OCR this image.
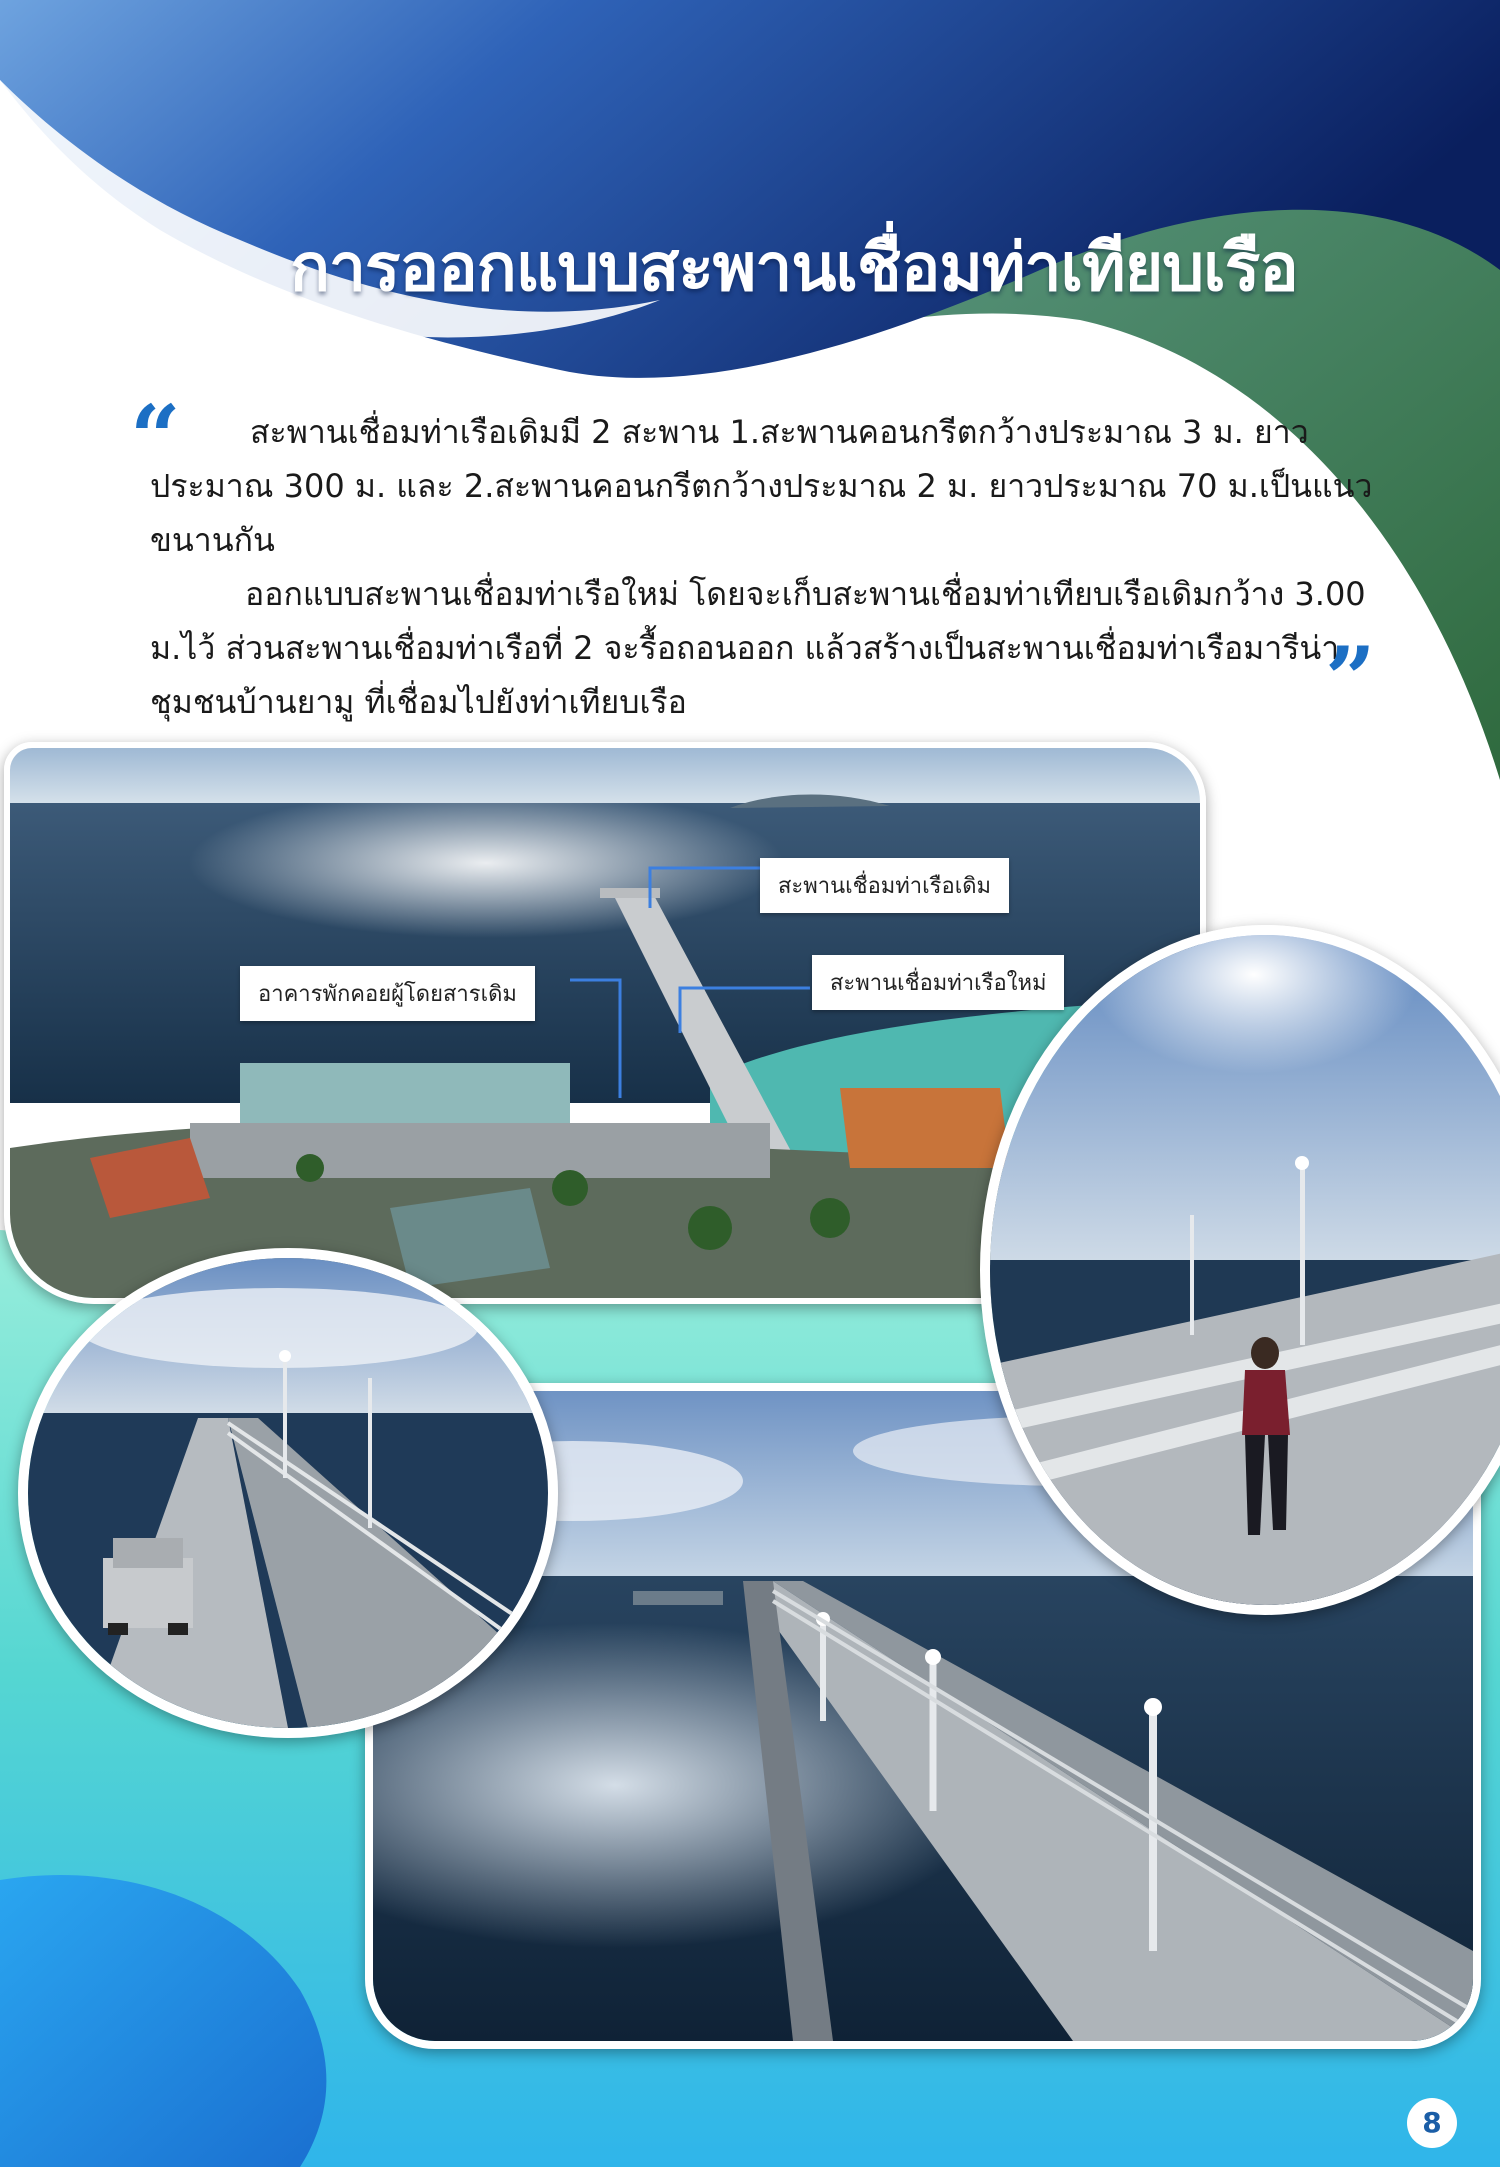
การออกแบบสะพานเชื่อมท่าเทียบเรือ
“	สะพานเชื่อมท่าเรือเดิมมี 2 สะพาน 1.สะพานคอนกรีตกว้างประมาณ 3 ม. ยาวประมาณ 300 ม. และ 2.สะพานคอนกรีตกว้างประมาณ 2 ม. ยาวประมาณ 70 ม.เป็นแนวขนานกัน

ออกแบบสะพานเชื่อมท่าเรือใหม่ โดยจะเก็บสะพานเชื่อมท่าเทียบเรือเดิมกว้าง 3.00 ม.ไว้ ส่วนสะพานเชื่อมท่าเรือที่ 2 จะรื้อถอนออก แล้วสร้างเป็นสะพานเชื่อมท่าเรือมารีน่าชุมชนบ้านยามู ที่เชื่อมไปยังท่าเทียบเรือ	”
สะพานเชื่อมท่าเรือเดิม
สะพานเชื่อมท่าเรือใหม่
อาคารพักคอยผู้โดยสารเดิม
8
